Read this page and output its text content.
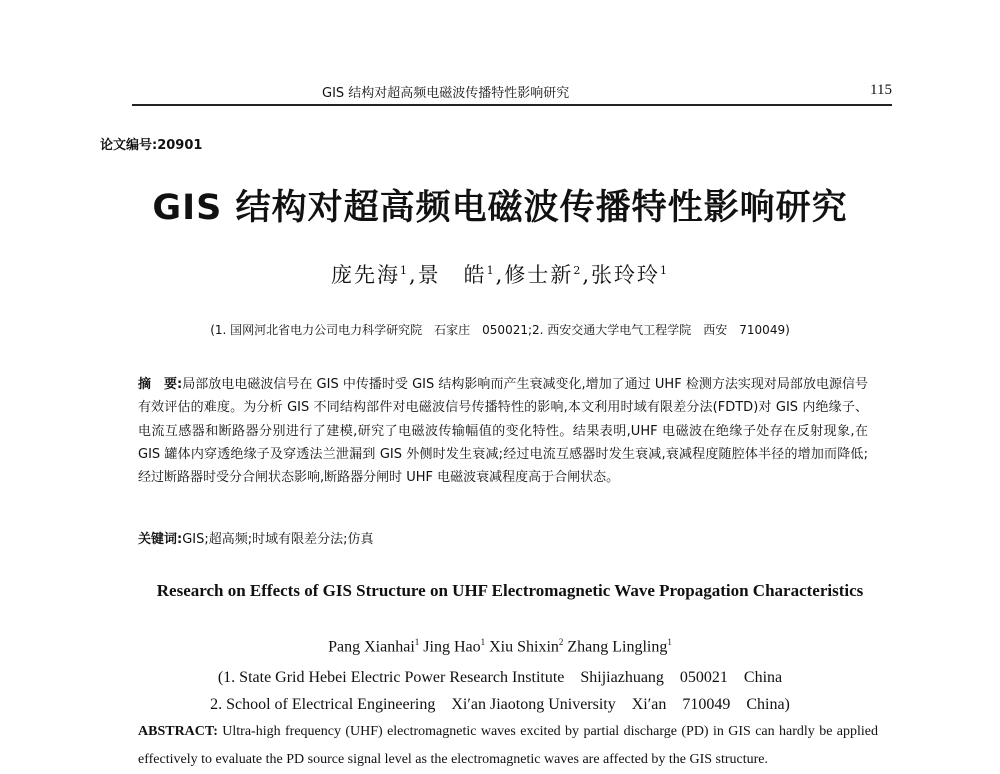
GIS 结构对超高频电磁波传播特性影响研究	115
论文编号:20901
GIS 结构对超高频电磁波传播特性影响研究
庞先海$^1$,景　皓$^1$,修士新$^2$,张玲玲$^1$
(1. 国网河北省电力公司电力科学研究院　石家庄　050021;2. 西安交通大学电气工程学院　西安　710049)
摘　要:局部放电电磁波信号在 GIS 中传播时受 GIS 结构影响而产生衰减变化,增加了通过 UHF 检测方法实现对局部放电源信号有效评估的难度。为分析 GIS 不同结构部件对电磁波信号传播特性的影响,本文利用时域有限差分法(FDTD)对 GIS 内绝缘子、电流互感器和断路器分别进行了建模,研究了电磁波传输幅值的变化特性。结果表明,UHF 电磁波在绝缘子处存在反射现象,在 GIS 罐体内穿透绝缘子及穿透法兰泄漏到 GIS 外侧时发生衰减;经过电流互感器时发生衰减,衰减程度随腔体半径的增加而降低;经过断路器时受分合闸状态影响,断路器分闸时 UHF 电磁波衰减程度高于合闸状态。
关键词:GIS;超高频;时域有限差分法;仿真
Research on Effects of GIS Structure on UHF Electromagnetic Wave Propagation Characteristics
Pang Xianhai$^1$ Jing Hao$^1$ Xiu Shixin$^2$ Zhang Lingling$^1$
(1. State Grid Hebei Electric Power Research Institute　Shijiazhuang　050021　China
2. School of Electrical Engineering　Xi′an Jiaotong University　Xi′an　710049　China)
ABSTRACT: Ultra-high frequency (UHF) electromagnetic waves excited by partial discharge (PD) in GIS can hardly be applied effectively to evaluate the PD source signal level as the electromagnetic waves are affected by the GIS structure.
